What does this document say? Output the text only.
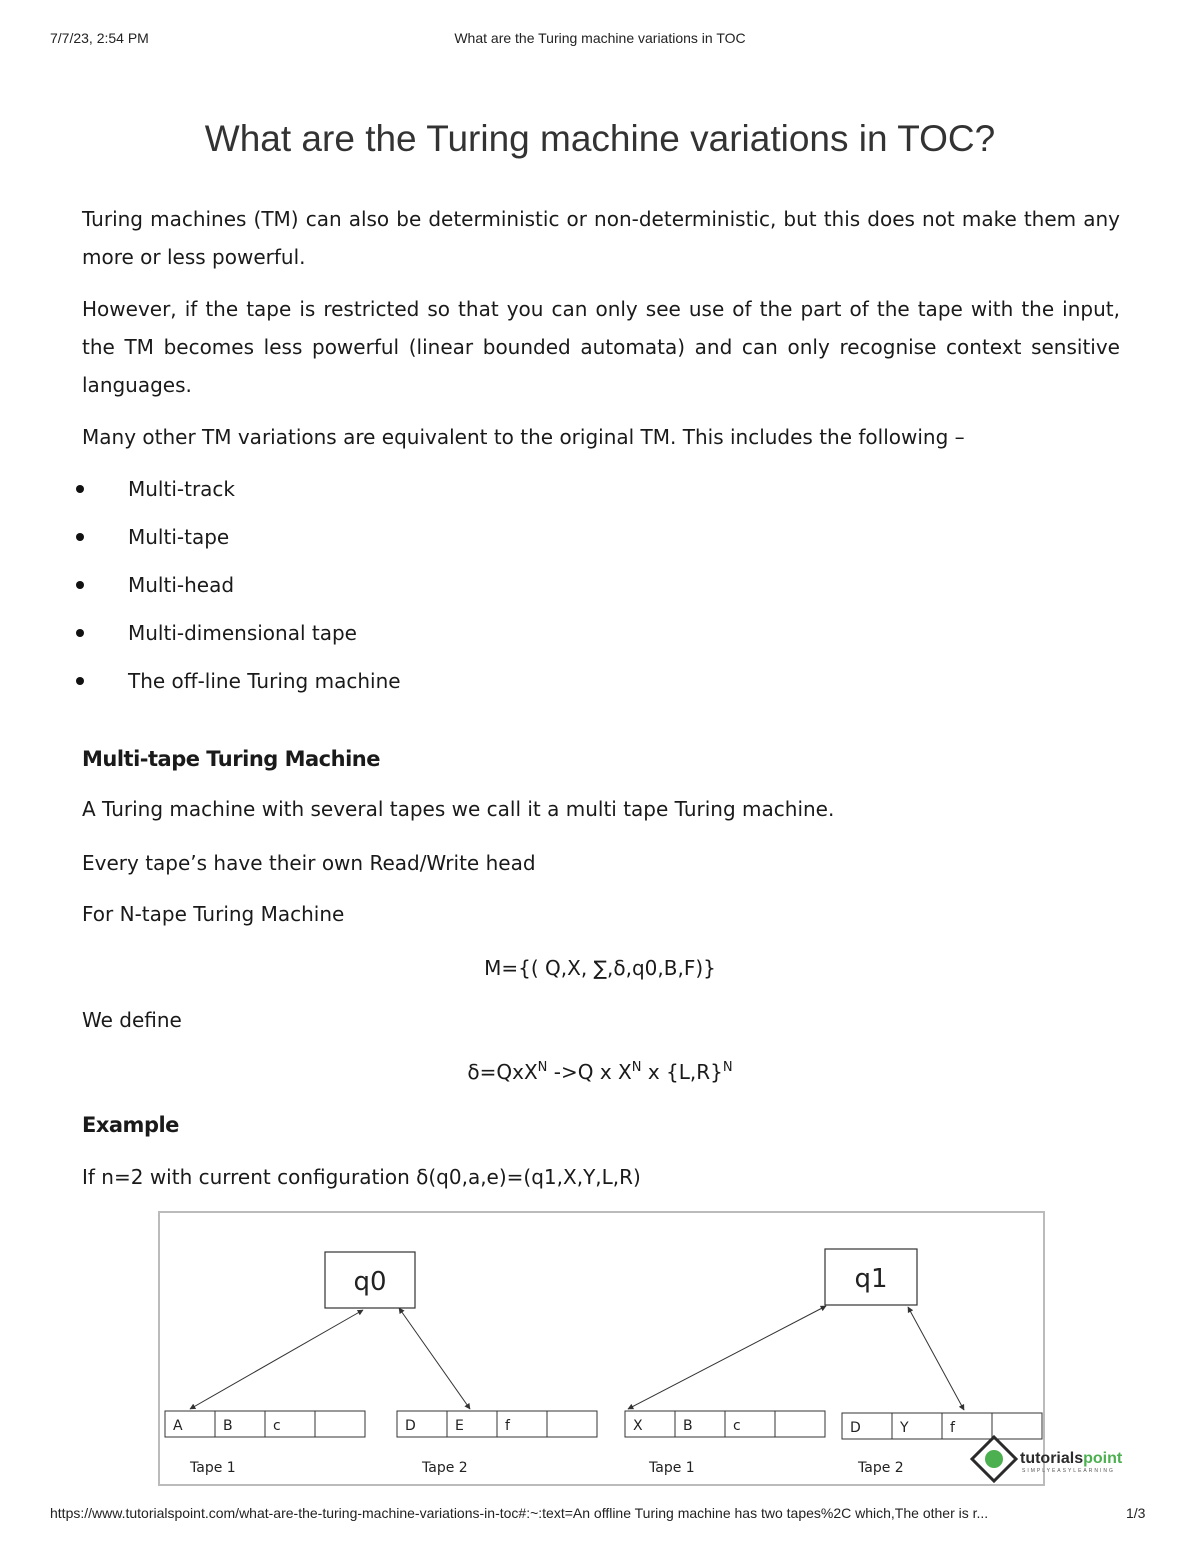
7/7/23, 2:54 PM	What are the Turing machine variations in TOC
What are the Turing machine variations in TOC?

Turing machines (TM) can also be deterministic or non-deterministic, but this does not make them any more or less powerful.

However, if the tape is restricted so that you can only see use of the part of the tape with the input, the TM becomes less powerful (linear bounded automata) and can only recognise context sensitive languages.

Many other TM variations are equivalent to the original TM. This includes the following –

Multi-track
Multi-tape
Multi-head
Multi-dimensional tape
The off-line Turing machine
Multi-tape Turing Machine

A Turing machine with several tapes we call it a multi tape Turing machine.

Every tape’s have their own Read/Write head

For N-tape Turing Machine

M={( Q,X, ∑,δ,q0,B,F)}

We define

δ=QxX$^N$ ->Q x $X^N$ x $\{L,R\}^N$

Example

If n=2 with current configuration δ(q0,a,e)=(q1,X,Y,L,R)

q0
A	B	c
Tape 1
D	E	f
Tape 2
q1
X	B	c
Tape 1
D	Y	f
Tape 2
tutorialspoint
SIMPLYEASYLEARNING
https://www.tutorialspoint.com/what-are-the-turing-machine-variations-in-toc#:~:text=An offline Turing machine has two tapes%2C which,The other is r...	1/3
